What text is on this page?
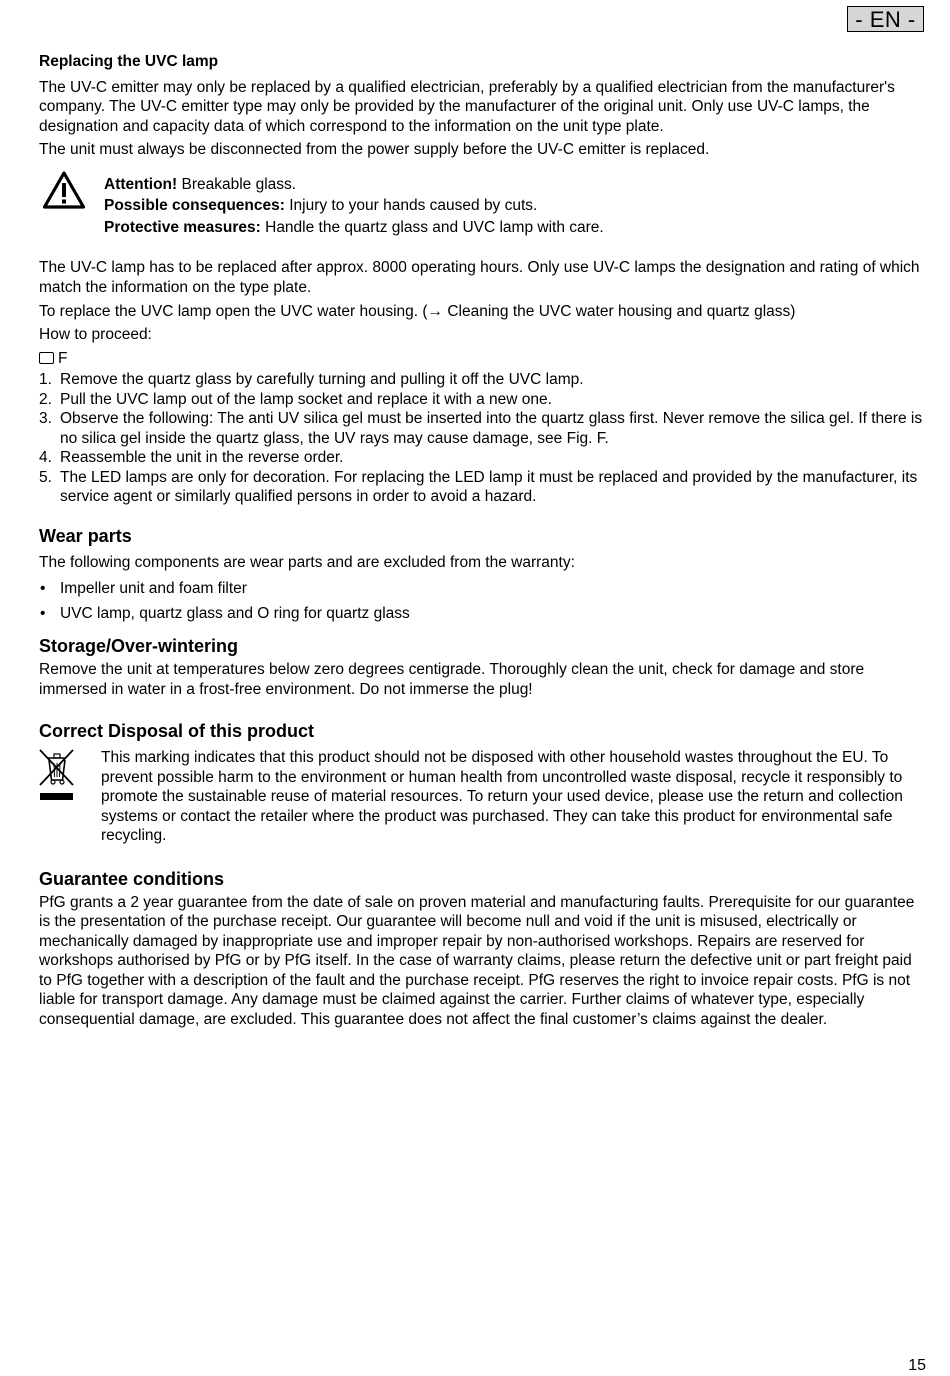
- EN -

Replacing the UVC lamp

The UV-C emitter may only be replaced by a qualified electrician, preferably by a qualified electrician from the manufacturer's company. The UV-C emitter type may only be provided by the manufacturer of the original unit. Only use UV-C lamps, the designation and capacity data of which correspond to the information on the unit type plate.

The unit must always be disconnected from the power supply before the UV-C emitter is replaced.

Attention! Breakable glass.
Possible consequences: Injury to your hands caused by cuts.
Protective measures: Handle the quartz glass and UVC lamp with care.

The UV-C lamp has to be replaced after approx. 8000 operating hours. Only use UV-C lamps the designation and rating of which match the information on the type plate.

To replace the UVC lamp open the UVC water housing. (→ Cleaning the UVC water housing and quartz glass)

How to proceed:

F
1. Remove the quartz glass by carefully turning and pulling it off the UVC lamp.
2. Pull the UVC lamp out of the lamp socket and replace it with a new one.
3. Observe the following: The anti UV silica gel must be inserted into the quartz glass first. Never remove the silica gel. If there is no silica gel inside the quartz glass, the UV rays may cause damage, see Fig. F.
4. Reassemble the unit in the reverse order.
5. The LED lamps are only for decoration. For replacing the LED lamp it must be replaced and provided by the manufacturer, its service agent or similarly qualified persons in order to avoid a hazard.

Wear parts

The following components are wear parts and are excluded from the warranty:

• Impeller unit and foam filter
• UVC lamp, quartz glass and O ring for quartz glass

Storage/Over-wintering

Remove the unit at temperatures below zero degrees centigrade. Thoroughly clean the unit, check for damage and store immersed in water in a frost-free environment. Do not immerse the plug!

Correct Disposal of this product

This marking indicates that this product should not be disposed with other household wastes throughout the EU. To prevent possible harm to the environment or human health from uncontrolled waste disposal, recycle it responsibly to promote the sustainable reuse of material resources. To return your used device, please use the return and collection systems or contact the retailer where the product was purchased. They can take this product for environmental safe recycling.

Guarantee conditions

PfG grants a 2 year guarantee from the date of sale on proven material and manufacturing faults. Prerequisite for our guarantee is the presentation of the purchase receipt. Our guarantee will become null and void if the unit is misused, electrically or mechanically damaged by inappropriate use and improper repair by non-authorised workshops. Repairs are reserved for workshops authorised by PfG or by PfG itself. In the case of warranty claims, please return the defective unit or part freight paid to PfG together with a description of the fault and the purchase receipt. PfG reserves the right to invoice repair costs. PfG is not liable for transport damage. Any damage must be claimed against the carrier. Further claims of whatever type, especially consequential damage, are excluded. This guarantee does not affect the final customer’s claims against the dealer.

15
